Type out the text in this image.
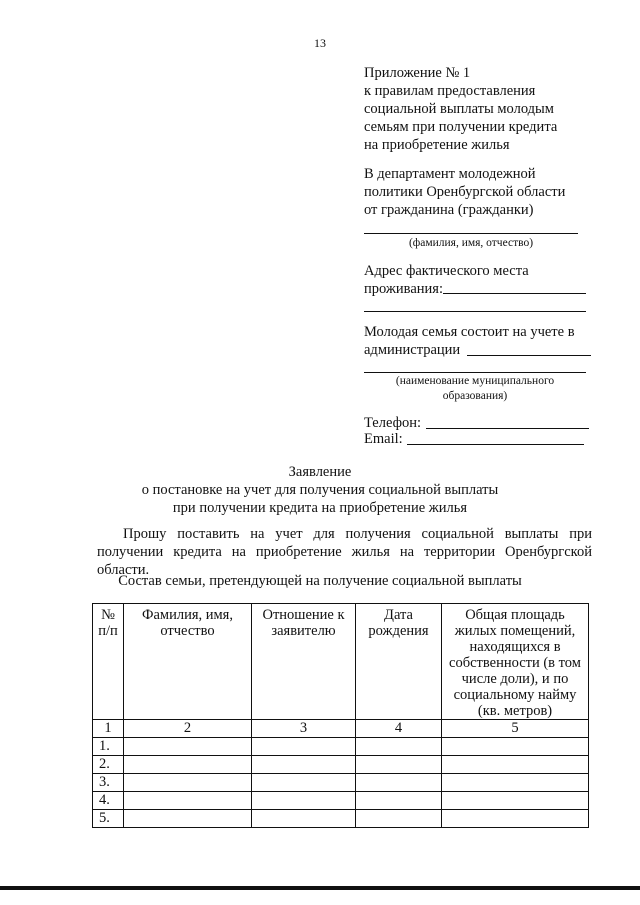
13
Приложение № 1
к правилам предоставления
социальной выплаты молодым
семьям при получении кредита
на приобретение жилья
В департамент молодежной
политики Оренбургской области
от гражданина (гражданки)
(фамилия, имя, отчество)
Адрес фактического места
проживания:
Молодая семья состоит на учете в
администрации
(наименование муниципального
образования)
Телефон:
Email:
Заявление
о постановке на учет для получения социальной выплаты
при получении кредита на приобретение жилья
Прошу поставить на учет для получения социальной выплаты при получении кредита на приобретение жилья на территории Оренбургской области.
Состав семьи, претендующей на получение социальной выплаты
№ п/п	Фамилия, имя, отчество	Отношение к заявителю	Дата рождения	Общая площадь жилых помещений, находящихся в собственности (в том числе доли), и по социальному найму (кв. метров)
1	2	3	4	5
1.				
2.				
3.				
4.				
5.				
